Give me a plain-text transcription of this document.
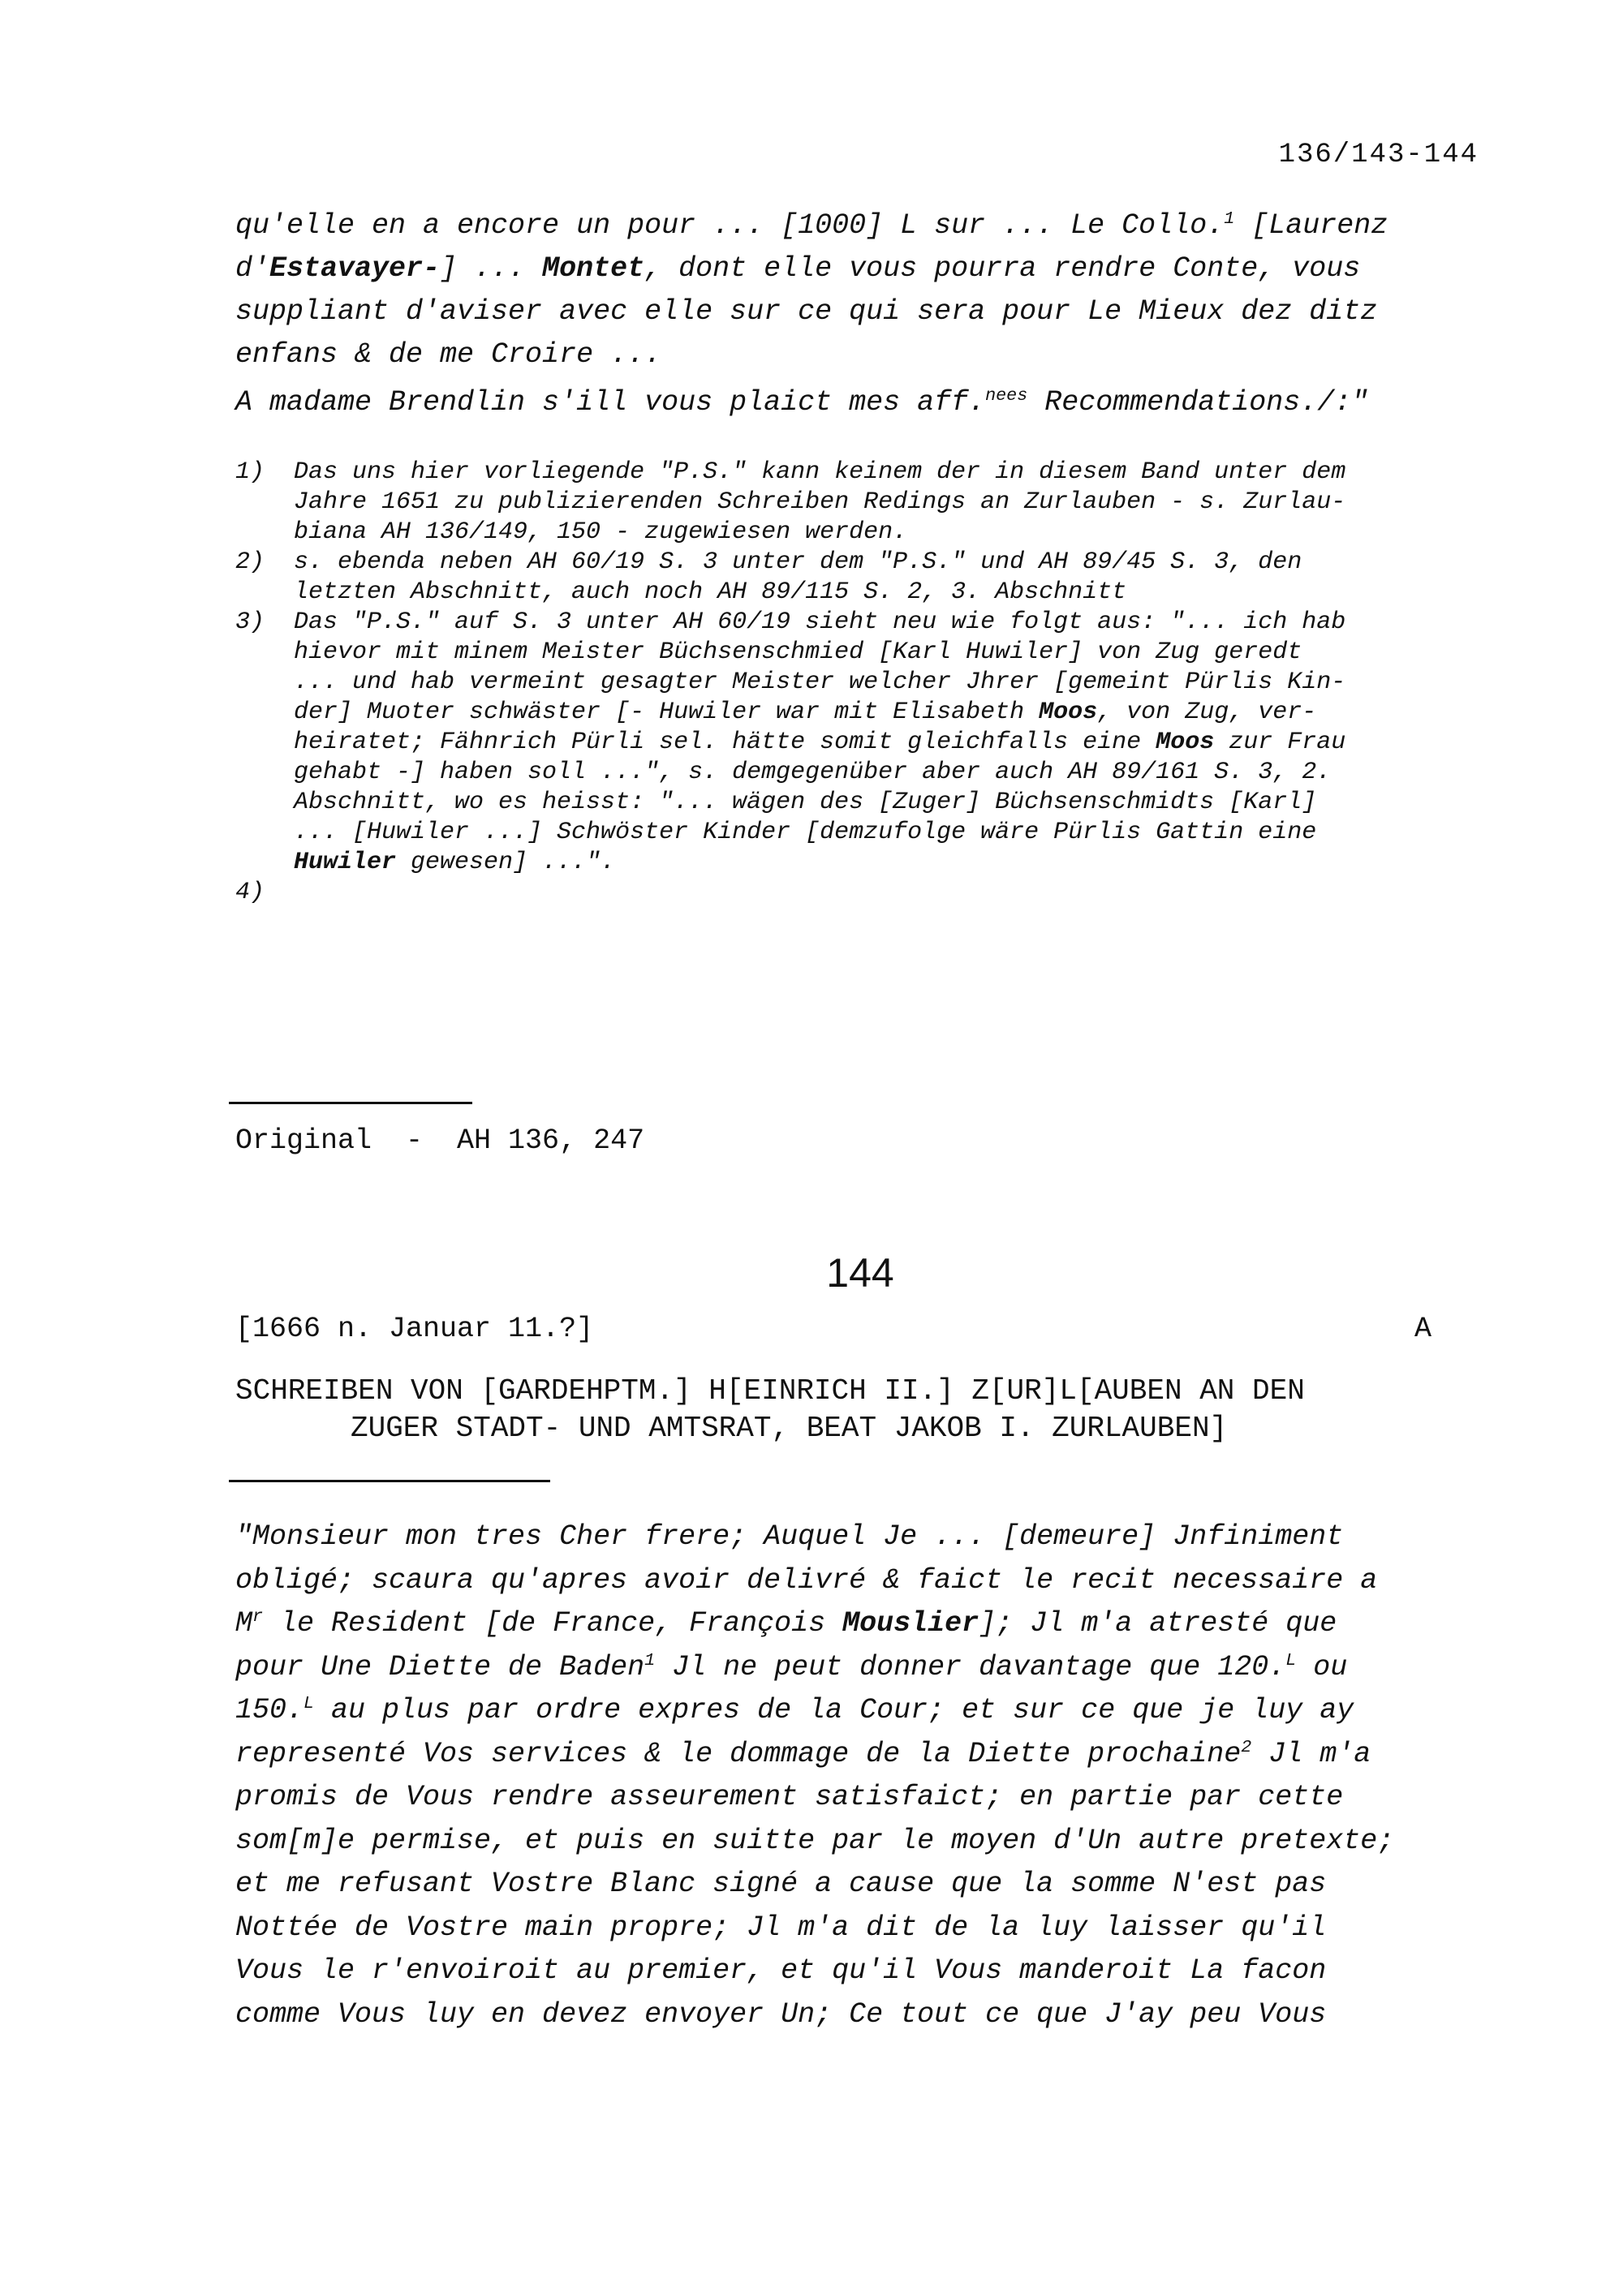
136/143-144

qu'elle en a encore un pour ... [1000] L sur ... Le Collo.$^1$ [Laurenz

d'Estavayer-] ... Montet, dont elle vous pourra rendre Conte, vous

suppliant d'aviser avec elle sur ce qui sera pour Le Mieux dez ditz

enfans & de me Croire ...

A madame Brendlin s'ill vous plaict mes aff.$^{nees}$ Recommendations./:"

1)	Das uns hier vorliegende "P.S." kann keinem der in diesem Band unter dem
Jahre 1651 zu publizierenden Schreiben Redings an Zurlauben - s. Zurlau-
biana AH 136/149, 150 - zugewiesen werden.
2)	s. ebenda neben AH 60/19 S. 3 unter dem "P.S." und AH 89/45 S. 3, den
letzten Abschnitt, auch noch AH 89/115 S. 2, 3. Abschnitt
3)	Das "P.S." auf S. 3 unter AH 60/19 sieht neu wie folgt aus: "... ich hab
hievor mit minem Meister Büchsenschmied [Karl Huwiler] von Zug geredt
... und hab vermeint gesagter Meister welcher Jhrer [gemeint Pürlis Kin-
der] Muoter schwäster [- Huwiler war mit Elisabeth Moos, von Zug, ver-
heiratet; Fähnrich Pürli sel. hätte somit gleichfalls eine Moos zur Frau
gehabt -] haben soll ...", s. demgegenüber aber auch AH 89/161 S. 3, 2.
Abschnitt, wo es heisst: "... wägen des [Zuger] Büchsenschmidts [Karl]
... [Huwiler ...] Schwöster Kinder [demzufolge wäre Pürlis Gattin eine
Huwiler gewesen] ...".
4)
Original  -  AH 136, 247
144
[1666 n. Januar 11.?]	A
SCHREIBEN VON [GARDEHPTM.] H[EINRICH II.] Z[UR]L[AUBEN AN DEN
ZUGER STADT- UND AMTSRAT, BEAT JAKOB I. ZURLAUBEN]

"Monsieur mon tres Cher frere; Auquel Je ... [demeure] Jnfiniment

obligé; scaura qu'apres avoir delivré & faict le recit necessaire a

$M^r$ le Resident [de France, François Mouslier]; Jl m'a atresté que

pour Une Diette de Baden$^1$ Jl ne peut donner davantage que 120.$^L$ ou

150.$^L$ au plus par ordre expres de la Cour; et sur ce que je luy ay

representé Vos services & le dommage de la Diette prochaine$^2$ Jl m'a

promis de Vous rendre asseurement satisfaict; en partie par cette

som[m]e permise, et puis en suitte par le moyen d'Un autre pretexte;

et me refusant Vostre Blanc signé a cause que la somme N'est pas

Nottée de Vostre main propre; Jl m'a dit de la luy laisser qu'il

Vous le r'envoiroit au premier, et qu'il Vous manderoit La facon

comme Vous luy en devez envoyer Un; Ce tout ce que J'ay peu Vous
